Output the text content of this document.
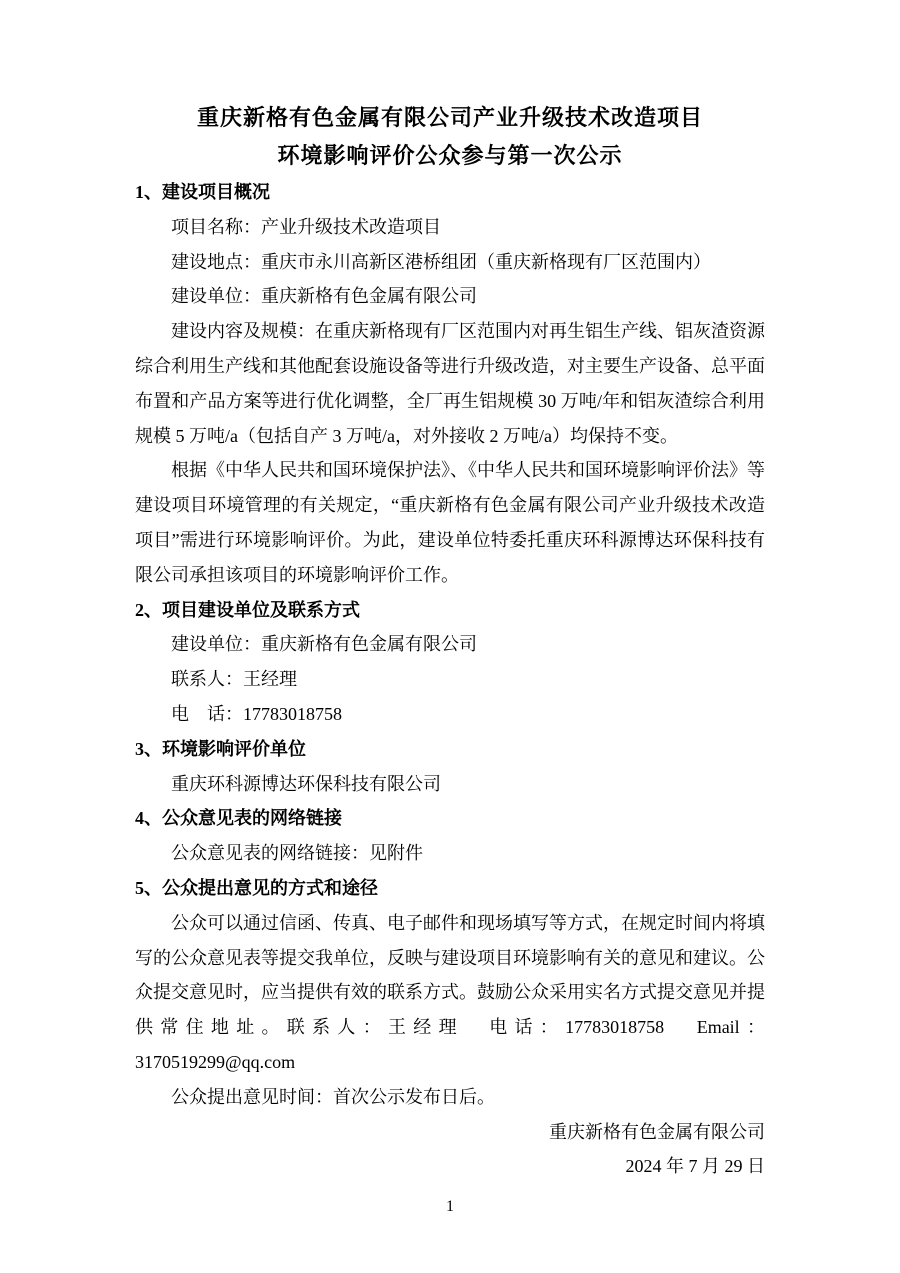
重庆新格有色金属有限公司产业升级技术改造项目
环境影响评价公众参与第一次公示
1、建设项目概况
项目名称：产业升级技术改造项目
建设地点：重庆市永川高新区港桥组团（重庆新格现有厂区范围内）
建设单位：重庆新格有色金属有限公司

建设内容及规模：在重庆新格现有厂区范围内对再生铝生产线、铝灰渣资源综合利用生产线和其他配套设施设备等进行升级改造，对主要生产设备、总平面布置和产品方案等进行优化调整，全厂再生铝规模 30 万吨/年和铝灰渣综合利用规模 5 万吨/a（包括自产 3 万吨/a，对外接收 2 万吨/a）均保持不变。

根据《中华人民共和国环境保护法》、《中华人民共和国环境影响评价法》等建设项目环境管理的有关规定，“重庆新格有色金属有限公司产业升级技术改造项目”需进行环境影响评价。为此，建设单位特委托重庆环科源博达环保科技有限公司承担该项目的环境影响评价工作。

2、项目建设单位及联系方式
建设单位：重庆新格有色金属有限公司
联系人：王经理
电　话：17783018758
3、环境影响评价单位
重庆环科源博达环保科技有限公司
4、公众意见表的网络链接
公众意见表的网络链接：见附件
5、公众提出意见的方式和途径

公众可以通过信函、传真、电子邮件和现场填写等方式，在规定时间内将填写的公众意见表等提交我单位，反映与建设项目环境影响有关的意见和建议。公众提交意见时，应当提供有效的联系方式。鼓励公众采用实名方式提交意见并提供常住地址。联系人：王经理　电话：17783018758　Email：3170519299@qq.com

公众提出意见时间：首次公示发布日后。

重庆新格有色金属有限公司
2024 年 7 月 29 日
1
